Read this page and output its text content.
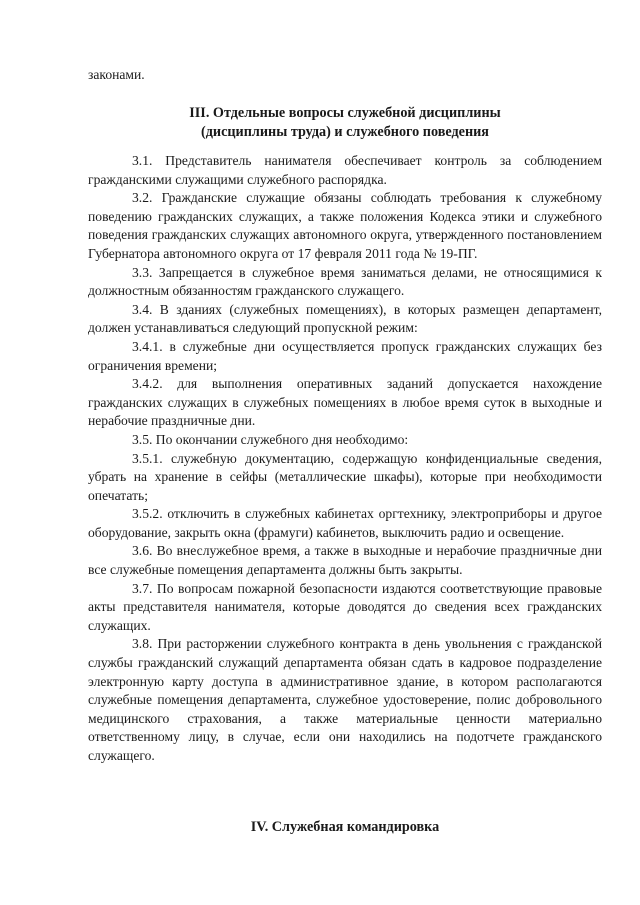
законами.

III. Отдельные вопросы служебной дисциплины
(дисциплины труда) и служебного поведения

3.1. Представитель нанимателя обеспечивает контроль за соблюдением гражданскими служащими служебного распорядка.

3.2. Гражданские служащие обязаны соблюдать требования к служебному поведению гражданских служащих, а также положения Кодекса этики и служебного поведения гражданских служащих автономного округа, утвержденного постановлением Губернатора автономного округа от 17 февраля 2011 года № 19-ПГ.

3.3. Запрещается в служебное время заниматься делами, не относящимися к должностным обязанностям гражданского служащего.

3.4. В зданиях (служебных помещениях), в которых размещен департамент, должен устанавливаться следующий пропускной режим:

3.4.1. в служебные дни осуществляется пропуск гражданских служащих без ограничения времени;

3.4.2. для выполнения оперативных заданий допускается нахождение гражданских служащих в служебных помещениях в любое время суток в выходные и нерабочие праздничные дни.

3.5. По окончании служебного дня необходимо:

3.5.1. служебную документацию, содержащую конфиденциальные сведения, убрать на хранение в сейфы (металлические шкафы), которые при необходимости опечатать;

3.5.2. отключить в служебных кабинетах оргтехнику, электроприборы и другое оборудование, закрыть окна (фрамуги) кабинетов, выключить радио и освещение.

3.6. Во внеслужебное время, а также в выходные и нерабочие праздничные дни все служебные помещения департамента должны быть закрыты.

3.7. По вопросам пожарной безопасности издаются соответствующие правовые акты представителя нанимателя, которые доводятся до сведения всех гражданских служащих.

3.8. При расторжении служебного контракта в день увольнения с гражданской службы гражданский служащий департамента обязан сдать в кадровое подразделение электронную карту доступа в административное здание, в котором располагаются служебные помещения департамента, служебное удостоверение, полис добровольного медицинского страхования, а также материальные ценности материально ответственному лицу, в случае, если они находились на подотчете гражданского служащего.

IV. Служебная командировка
